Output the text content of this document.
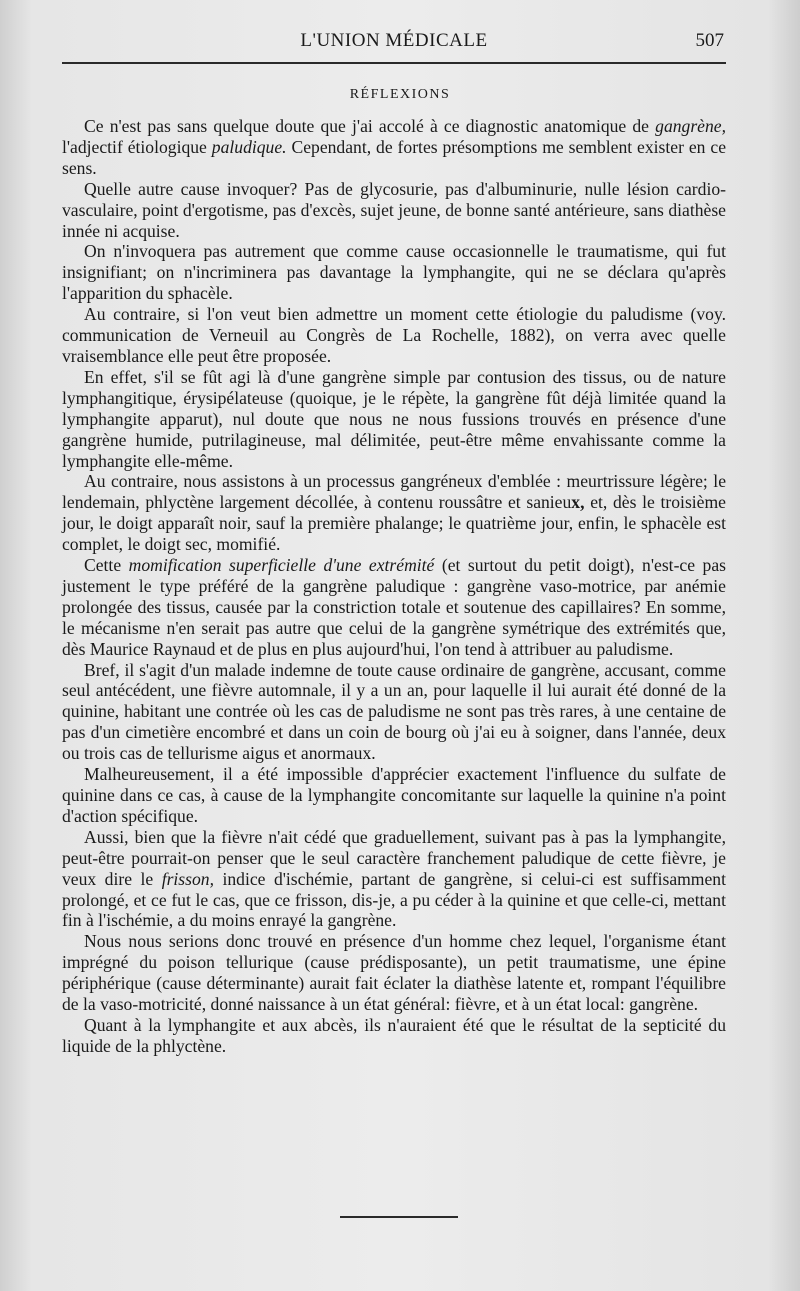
L'UNION MÉDICALE	507
RÉFLEXIONS

Ce n'est pas sans quelque doute que j'ai accolé à ce diagnostic anatomique de gangrène, l'adjectif étiologique paludique. Cependant, de fortes présomptions me semblent exister en ce sens.

Quelle autre cause invoquer? Pas de glycosurie, pas d'albuminurie, nulle lésion cardio-vasculaire, point d'ergotisme, pas d'excès, sujet jeune, de bonne santé antérieure, sans diathèse innée ni acquise.

On n'invoquera pas autrement que comme cause occasionnelle le traumatisme, qui fut insignifiant; on n'incriminera pas davantage la lymphangite, qui ne se déclara qu'après l'apparition du sphacèle.

Au contraire, si l'on veut bien admettre un moment cette étiologie du paludisme (voy. communication de Verneuil au Congrès de La Rochelle, 1882), on verra avec quelle vraisemblance elle peut être proposée.

En effet, s'il se fût agi là d'une gangrène simple par contusion des tissus, ou de nature lymphangitique, érysipélateuse (quoique, je le répète, la gangrène fût déjà limitée quand la lymphangite apparut), nul doute que nous ne nous fussions trouvés en présence d'une gangrène humide, putrilagineuse, mal délimitée, peut-être même envahissante comme la lymphangite elle-même.

Au contraire, nous assistons à un processus gangréneux d'emblée : meurtrissure légère; le lendemain, phlyctène largement décollée, à contenu roussâtre et sanieux, et, dès le troisième jour, le doigt apparaît noir, sauf la première phalange; le quatrième jour, enfin, le sphacèle est complet, le doigt sec, momifié.

Cette momification superficielle d'une extrémité (et surtout du petit doigt), n'est-ce pas justement le type préféré de la gangrène paludique : gangrène vaso-motrice, par anémie prolongée des tissus, causée par la constriction totale et soutenue des capillaires? En somme, le mécanisme n'en serait pas autre que celui de la gangrène symétrique des extrémités que, dès Maurice Raynaud et de plus en plus aujourd'hui, l'on tend à attribuer au paludisme.

Bref, il s'agit d'un malade indemne de toute cause ordinaire de gangrène, accusant, comme seul antécédent, une fièvre automnale, il y a un an, pour laquelle il lui aurait été donné de la quinine, habitant une contrée où les cas de paludisme ne sont pas très rares, à une centaine de pas d'un cimetière encombré et dans un coin de bourg où j'ai eu à soigner, dans l'année, deux ou trois cas de tellurisme aigus et anormaux.

Malheureusement, il a été impossible d'apprécier exactement l'influence du sulfate de quinine dans ce cas, à cause de la lymphangite concomitante sur laquelle la quinine n'a point d'action spécifique.

Aussi, bien que la fièvre n'ait cédé que graduellement, suivant pas à pas la lymphangite, peut-être pourrait-on penser que le seul caractère franchement paludique de cette fièvre, je veux dire le frisson, indice d'ischémie, partant de gangrène, si celui-ci est suffisamment prolongé, et ce fut le cas, que ce frisson, dis-je, a pu céder à la quinine et que celle-ci, mettant fin à l'ischémie, a du moins enrayé la gangrène.

Nous nous serions donc trouvé en présence d'un homme chez lequel, l'organisme étant imprégné du poison tellurique (cause prédisposante), un petit traumatisme, une épine périphérique (cause déterminante) aurait fait éclater la diathèse latente et, rompant l'équilibre de la vaso-motricité, donné naissance à un état général: fièvre, et à un état local: gangrène.

Quant à la lymphangite et aux abcès, ils n'auraient été que le résultat de la septicité du liquide de la phlyctène.
